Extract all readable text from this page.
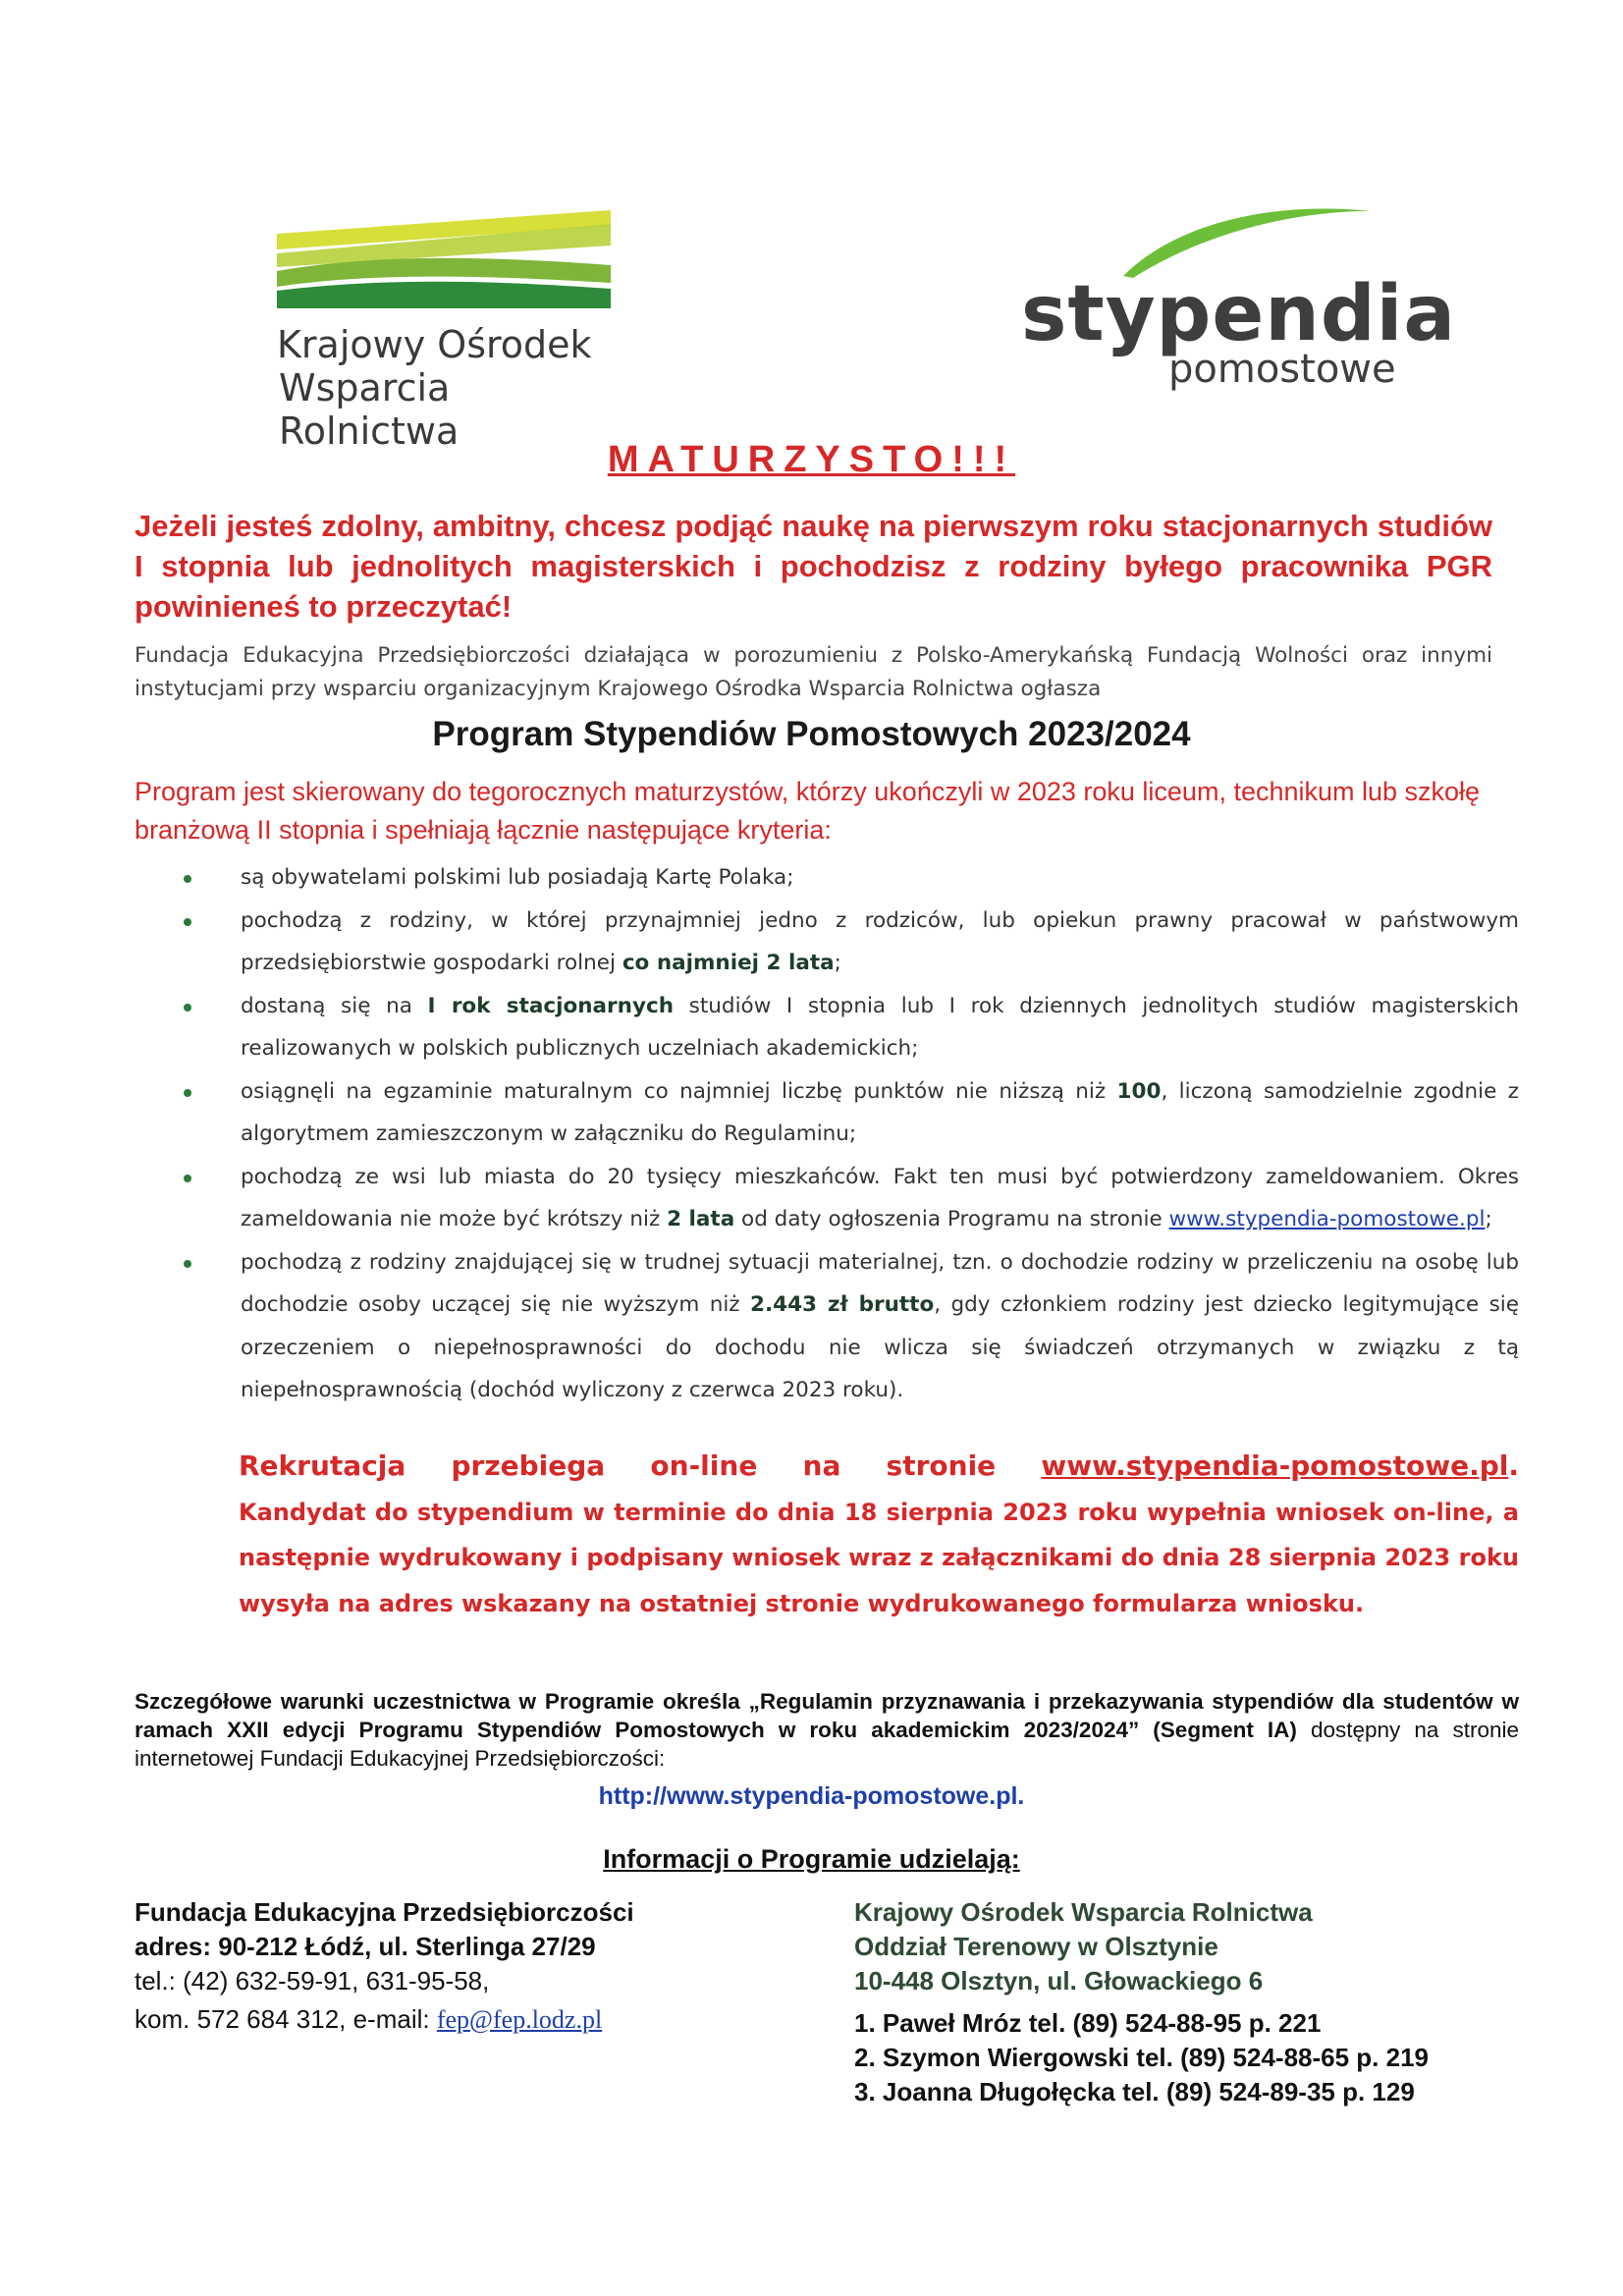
Krajowy Ośrodek
Wsparcia Rolnictwa
stypendia
pomostowe
MATURZYSTO!!!
Jeżeli jesteś zdolny, ambitny, chcesz podjąć naukę na pierwszym roku stacjonarnych studiów I stopnia lub jednolitych magisterskich i pochodzisz z rodziny byłego pracownika PGR powinieneś to przeczytać!
Fundacja Edukacyjna Przedsiębiorczości działająca w porozumieniu z Polsko-Amerykańską Fundacją Wolności oraz innymi instytucjami przy wsparciu organizacyjnym Krajowego Ośrodka Wsparcia Rolnictwa ogłasza
Program Stypendiów Pomostowych 2023/2024
Program jest skierowany do tegorocznych maturzystów, którzy ukończyli w 2023 roku liceum, technikum lub szkołę branżową II stopnia i spełniają łącznie następujące kryteria:
są obywatelami polskimi lub posiadają Kartę Polaka;
pochodzą z rodziny, w której przynajmniej jedno z rodziców, lub opiekun prawny pracował w państwowym przedsiębiorstwie gospodarki rolnej co najmniej 2 lata;
dostaną się na I rok stacjonarnych studiów I stopnia lub I rok dziennych jednolitych studiów magisterskich realizowanych w polskich publicznych uczelniach akademickich;
osiągnęli na egzaminie maturalnym co najmniej liczbę punktów nie niższą niż 100, liczoną samodzielnie zgodnie z algorytmem zamieszczonym w załączniku do Regulaminu;
pochodzą ze wsi lub miasta do 20 tysięcy mieszkańców. Fakt ten musi być potwierdzony zameldowaniem. Okres zameldowania nie może być krótszy niż 2 lata od daty ogłoszenia Programu na stronie www.stypendia-pomostowe.pl;
pochodzą z rodziny znajdującej się w trudnej sytuacji materialnej, tzn. o dochodzie rodziny w przeliczeniu na osobę lub dochodzie osoby uczącej się nie wyższym niż 2.443 zł brutto, gdy członkiem rodziny jest dziecko legitymujące się orzeczeniem o niepełnosprawności do dochodu nie wlicza się świadczeń otrzymanych w związku z tą niepełnosprawnością (dochód wyliczony z czerwca 2023 roku).
Rekrutacja przebiega on-line na stronie www.stypendia-pomostowe.pl.
Kandydat do stypendium w terminie do dnia 18 sierpnia 2023 roku wypełnia wniosek on-line, a następnie wydrukowany i podpisany wniosek wraz z załącznikami do dnia 28 sierpnia 2023 roku wysyła na adres wskazany na ostatniej stronie wydrukowanego formularza wniosku.
Szczegółowe warunki uczestnictwa w Programie określa „Regulamin przyznawania i przekazywania stypendiów dla studentów w ramach XXII edycji Programu Stypendiów Pomostowych w roku akademickim 2023/2024” (Segment IA) dostępny na stronie internetowej Fundacji Edukacyjnej Przedsiębiorczości:
http://www.stypendia-pomostowe.pl.
Informacji o Programie udzielają:
Fundacja Edukacyjna Przedsiębiorczości
adres: 90-212 Łódź, ul. Sterlinga 27/29
tel.: (42) 632-59-91, 631-95-58,
kom. 572 684 312, e-mail: fep@fep.lodz.pl
Krajowy Ośrodek Wsparcia Rolnictwa
Oddział Terenowy w Olsztynie
10-448 Olsztyn, ul. Głowackiego 6
1. Paweł Mróz tel. (89) 524-88-95 p. 221
2. Szymon Wiergowski tel. (89) 524-88-65 p. 219
3. Joanna Długołęcka tel. (89) 524-89-35 p. 129
